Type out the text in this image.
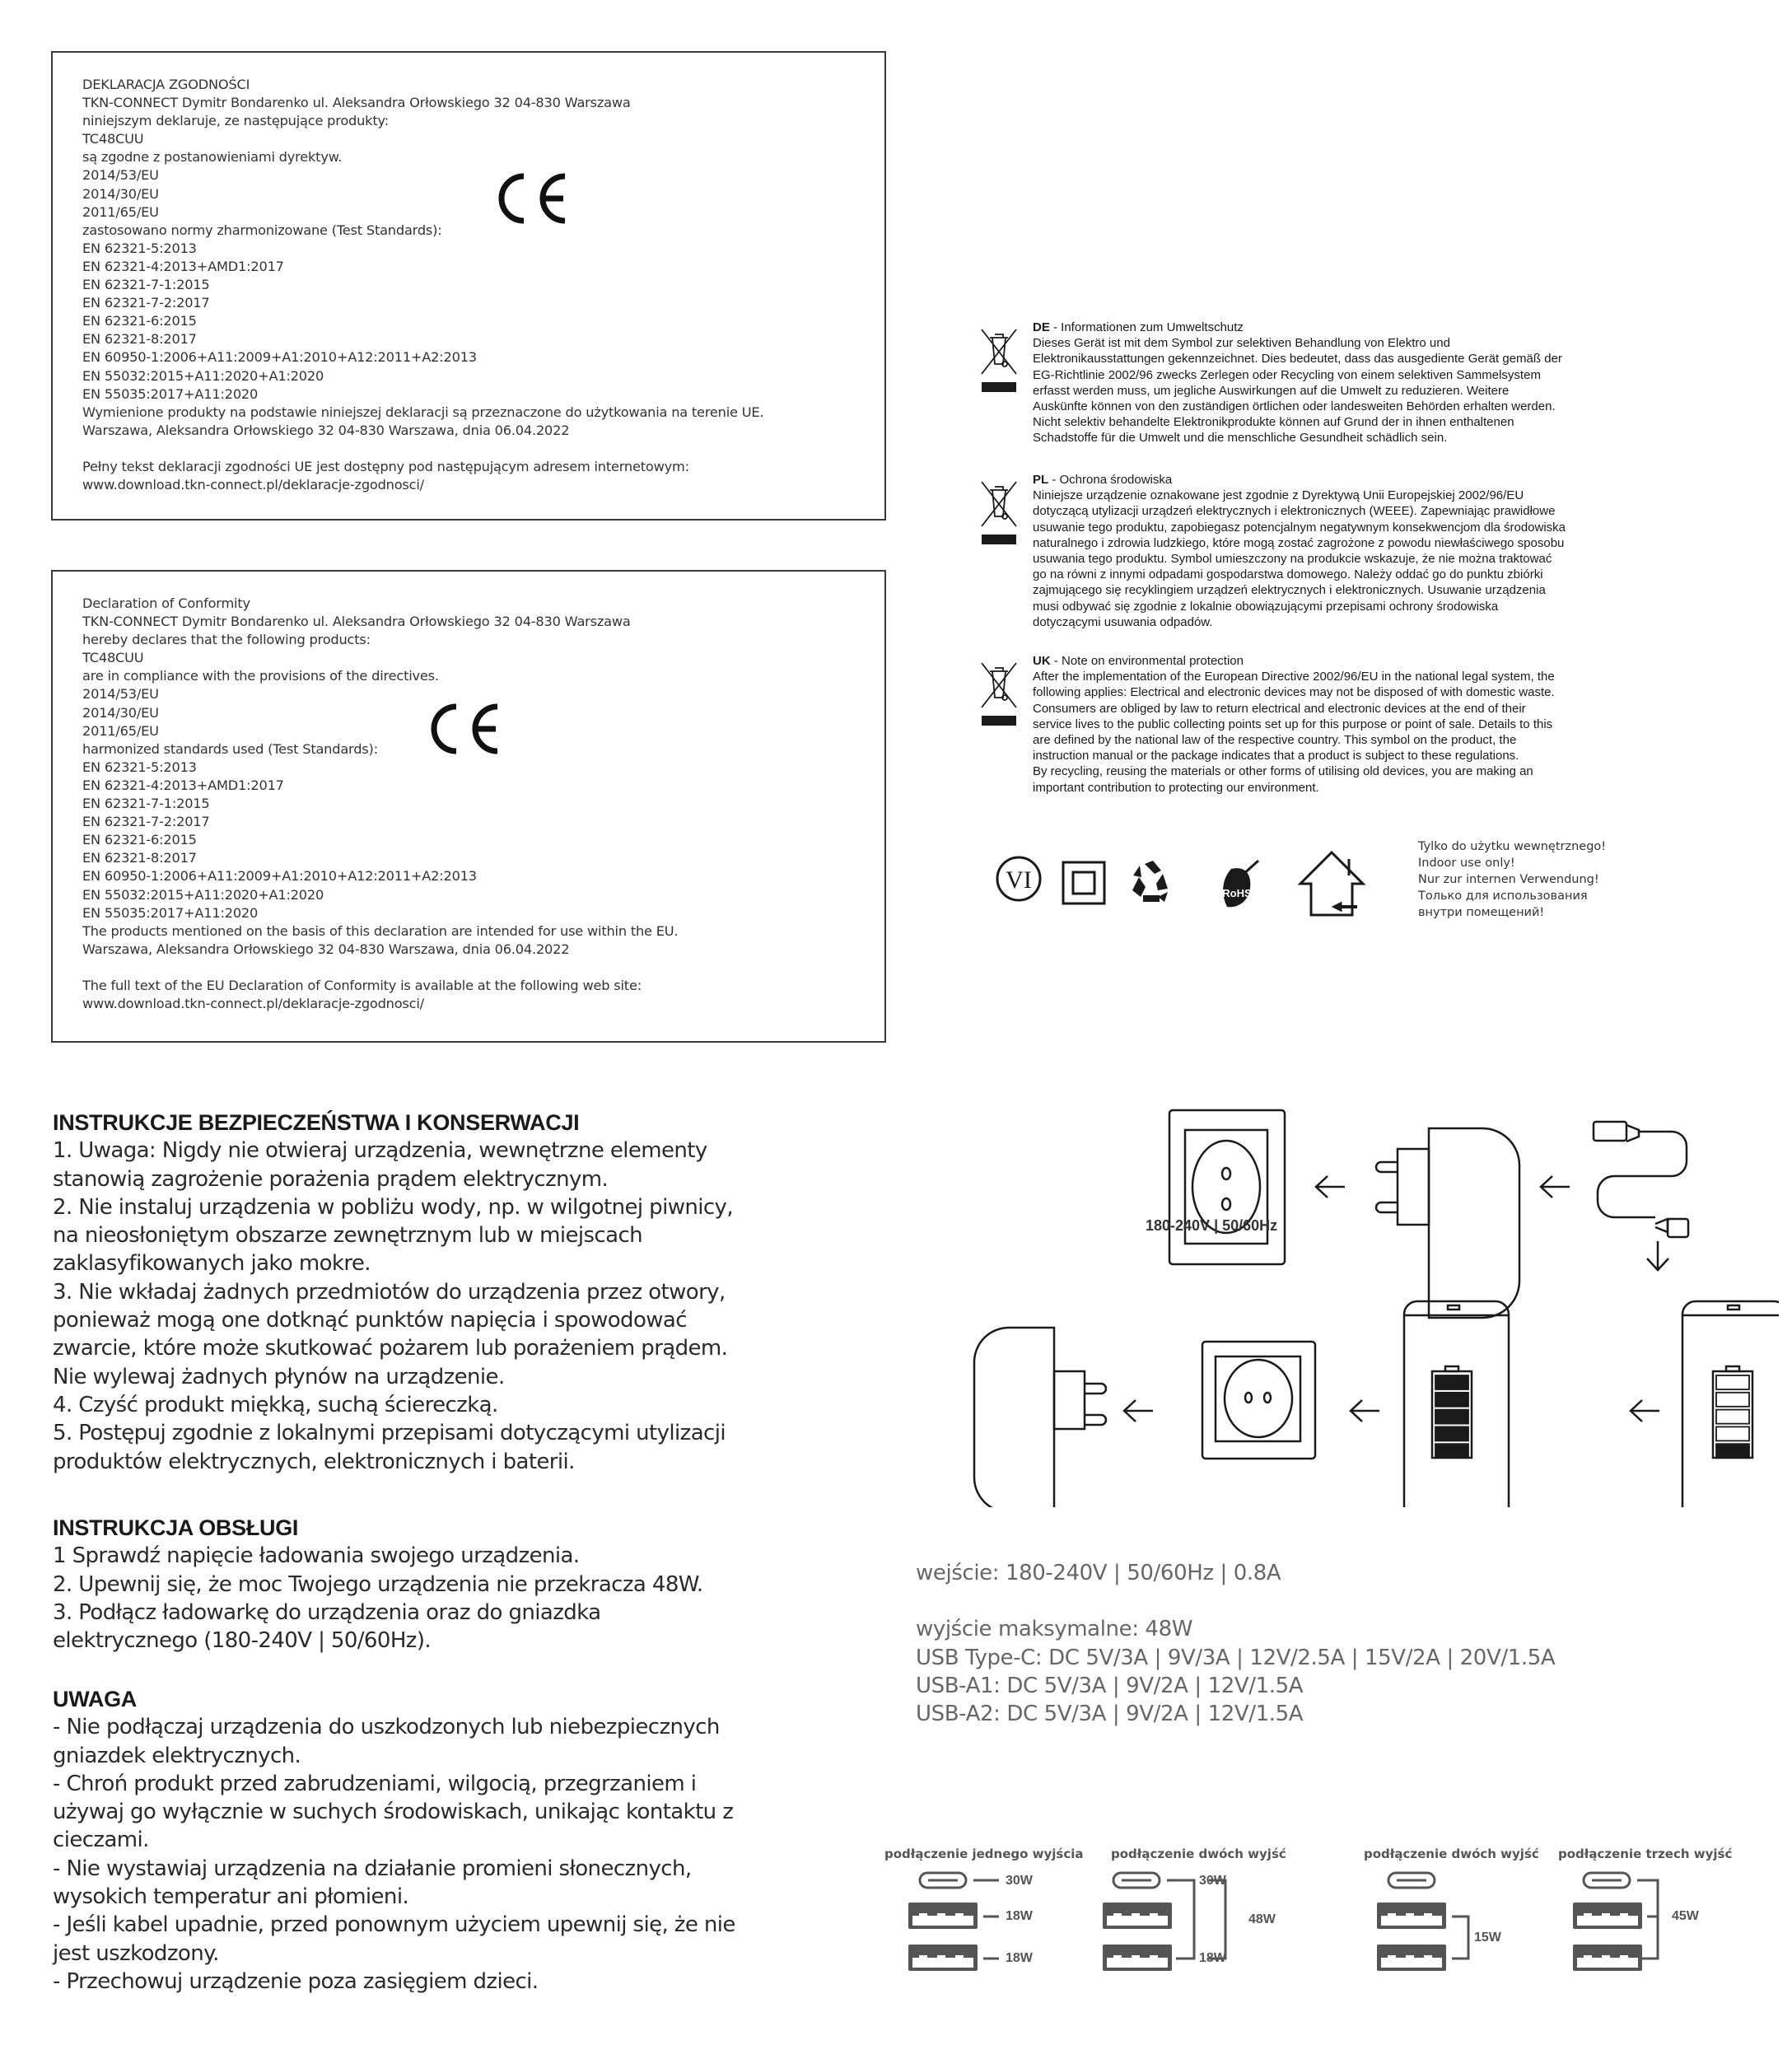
DEKLARACJA ZGODNOŚCI
TKN-CONNECT Dymitr Bondarenko ul. Aleksandra Orłowskiego 32 04-830 Warszawa
niniejszym deklaruje, ze następujące produkty:
TC48CUU
są zgodne z postanowieniami dyrektyw.
2014/53/EU
2014/30/EU
2011/65/EU
zastosowano normy zharmonizowane (Test Standards):
EN 62321-5:2013
EN 62321-4:2013+AMD1:2017
EN 62321-7-1:2015
EN 62321-7-2:2017
EN 62321-6:2015
EN 62321-8:2017
EN 60950-1:2006+A11:2009+A1:2010+A12:2011+A2:2013
EN 55032:2015+A11:2020+A1:2020
EN 55035:2017+A11:2020
Wymienione produkty na podstawie niniejszej deklaracji są przeznaczone do użytkowania na terenie UE.
Warszawa, Aleksandra Orłowskiego 32 04-830 Warszawa, dnia 06.04.2022
Pełny tekst deklaracji zgodności UE jest dostępny pod następującym adresem internetowym:
www.download.tkn-connect.pl/deklaracje-zgodnosci/
Declaration of Conformity
TKN-CONNECT Dymitr Bondarenko ul. Aleksandra Orłowskiego 32 04-830 Warszawa
hereby declares that the following products:
TC48CUU
are in compliance with the provisions of the directives.
2014/53/EU
2014/30/EU
2011/65/EU
harmonized standards used (Test Standards):
EN 62321-5:2013
EN 62321-4:2013+AMD1:2017
EN 62321-7-1:2015
EN 62321-7-2:2017
EN 62321-6:2015
EN 62321-8:2017
EN 60950-1:2006+A11:2009+A1:2010+A12:2011+A2:2013
EN 55032:2015+A11:2020+A1:2020
EN 55035:2017+A11:2020
The products mentioned on the basis of this declaration are intended for use within the EU.
Warszawa, Aleksandra Orłowskiego 32 04-830 Warszawa, dnia 06.04.2022
The full text of the EU Declaration of Conformity is available at the following web site:
www.download.tkn-connect.pl/deklaracje-zgodnosci/
DE - Informationen zum Umweltschutz
Dieses Gerät ist mit dem Symbol zur selektiven Behandlung von Elektro und
Elektronikausstattungen gekennzeichnet. Dies bedeutet, dass das ausgediente Gerät gemäß der
EG-Richtlinie 2002/96 zwecks Zerlegen oder Recycling von einem selektiven Sammelsystem
erfasst werden muss, um jegliche Auswirkungen auf die Umwelt zu reduzieren. Weitere
Auskünfte können von den zuständigen örtlichen oder landesweiten Behörden erhalten werden.
Nicht selektiv behandelte Elektronikprodukte können auf Grund der in ihnen enthaltenen
Schadstoffe für die Umwelt und die menschliche Gesundheit schädlich sein.
PL - Ochrona środowiska
Niniejsze urządzenie oznakowane jest zgodnie z Dyrektywą Unii Europejskiej 2002/96/EU
dotyczącą utylizacji urządzeń elektrycznych i elektronicznych (WEEE). Zapewniając prawidłowe
usuwanie tego produktu, zapobiegasz potencjalnym negatywnym konsekwencjom dla środowiska
naturalnego i zdrowia ludzkiego, które mogą zostać zagrożone z powodu niewłaściwego sposobu
usuwania tego produktu. Symbol umieszczony na produkcie wskazuje, że nie można traktować
go na równi z innymi odpadami gospodarstwa domowego. Należy oddać go do punktu zbiórki
zajmującego się recyklingiem urządzeń elektrycznych i elektronicznych. Usuwanie urządzenia
musi odbywać się zgodnie z lokalnie obowiązującymi przepisami ochrony środowiska
dotyczącymi usuwania odpadów.
UK - Note on environmental protection
After the implementation of the European Directive 2002/96/EU in the national legal system, the
following applies: Electrical and electronic devices may not be disposed of with domestic waste.
Consumers are obliged by law to return electrical and electronic devices at the end of their
service lives to the public collecting points set up for this purpose or point of sale. Details to this
are defined by the national law of the respective country. This symbol on the product, the
instruction manual or the package indicates that a product is subject to these regulations.
By recycling, reusing the materials or other forms of utilising old devices, you are making an
important contribution to protecting our environment.
VI	RoHS
Tylko do użytku wewnętrznego!
Indoor use only!
Nur zur internen Verwendung!
Только для использования
внутри помещений!
INSTRUKCJE BEZPIECZEŃSTWA I KONSERWACJI
1. Uwaga: Nigdy nie otwieraj urządzenia, wewnętrzne elementy
stanowią zagrożenie porażenia prądem elektrycznym.
2. Nie instaluj urządzenia w pobliżu wody, np. w wilgotnej piwnicy,
na nieosłoniętym obszarze zewnętrznym lub w miejscach
zaklasyfikowanych jako mokre.
3. Nie wkładaj żadnych przedmiotów do urządzenia przez otwory,
ponieważ mogą one dotknąć punktów napięcia i spowodować
zwarcie, które może skutkować pożarem lub porażeniem prądem.
Nie wylewaj żadnych płynów na urządzenie.
4. Czyść produkt miękką, suchą ściereczką.
5. Postępuj zgodnie z lokalnymi przepisami dotyczącymi utylizacji
produktów elektrycznych, elektronicznych i baterii.
INSTRUKCJA OBSŁUGI
1 Sprawdź napięcie ładowania swojego urządzenia.
2. Upewnij się, że moc Twojego urządzenia nie przekracza 48W.
3. Podłącz ładowarkę do urządzenia oraz do gniazdka
elektrycznego (180-240V | 50/60Hz).
UWAGA
- Nie podłączaj urządzenia do uszkodzonych lub niebezpiecznych
gniazdek elektrycznych.
- Chroń produkt przed zabrudzeniami, wilgocią, przegrzaniem i
używaj go wyłącznie w suchych środowiskach, unikając kontaktu z
cieczami.
- Nie wystawiaj urządzenia na działanie promieni słonecznych,
wysokich temperatur ani płomieni.
- Jeśli kabel upadnie, przed ponownym użyciem upewnij się, że nie
jest uszkodzony.
- Przechowuj urządzenie poza zasięgiem dzieci.
180-240V | 50/60Hz
wejście: 180-240V | 50/60Hz | 0.8A
wyjście maksymalne: 48W
USB Type-C: DC 5V/3A | 9V/3A | 12V/2.5A | 15V/2A | 20V/1.5A
USB-A1: DC 5V/3A | 9V/2A | 12V/1.5A
USB-A2: DC 5V/3A | 9V/2A | 12V/1.5A
podłączenie jednego wyjścia podłączenie dwóch wyjść	podłączenie dwóch wyjść podłączenie trzech wyjść
30W
18W
18W
30W
18W
48W
15W
45W
